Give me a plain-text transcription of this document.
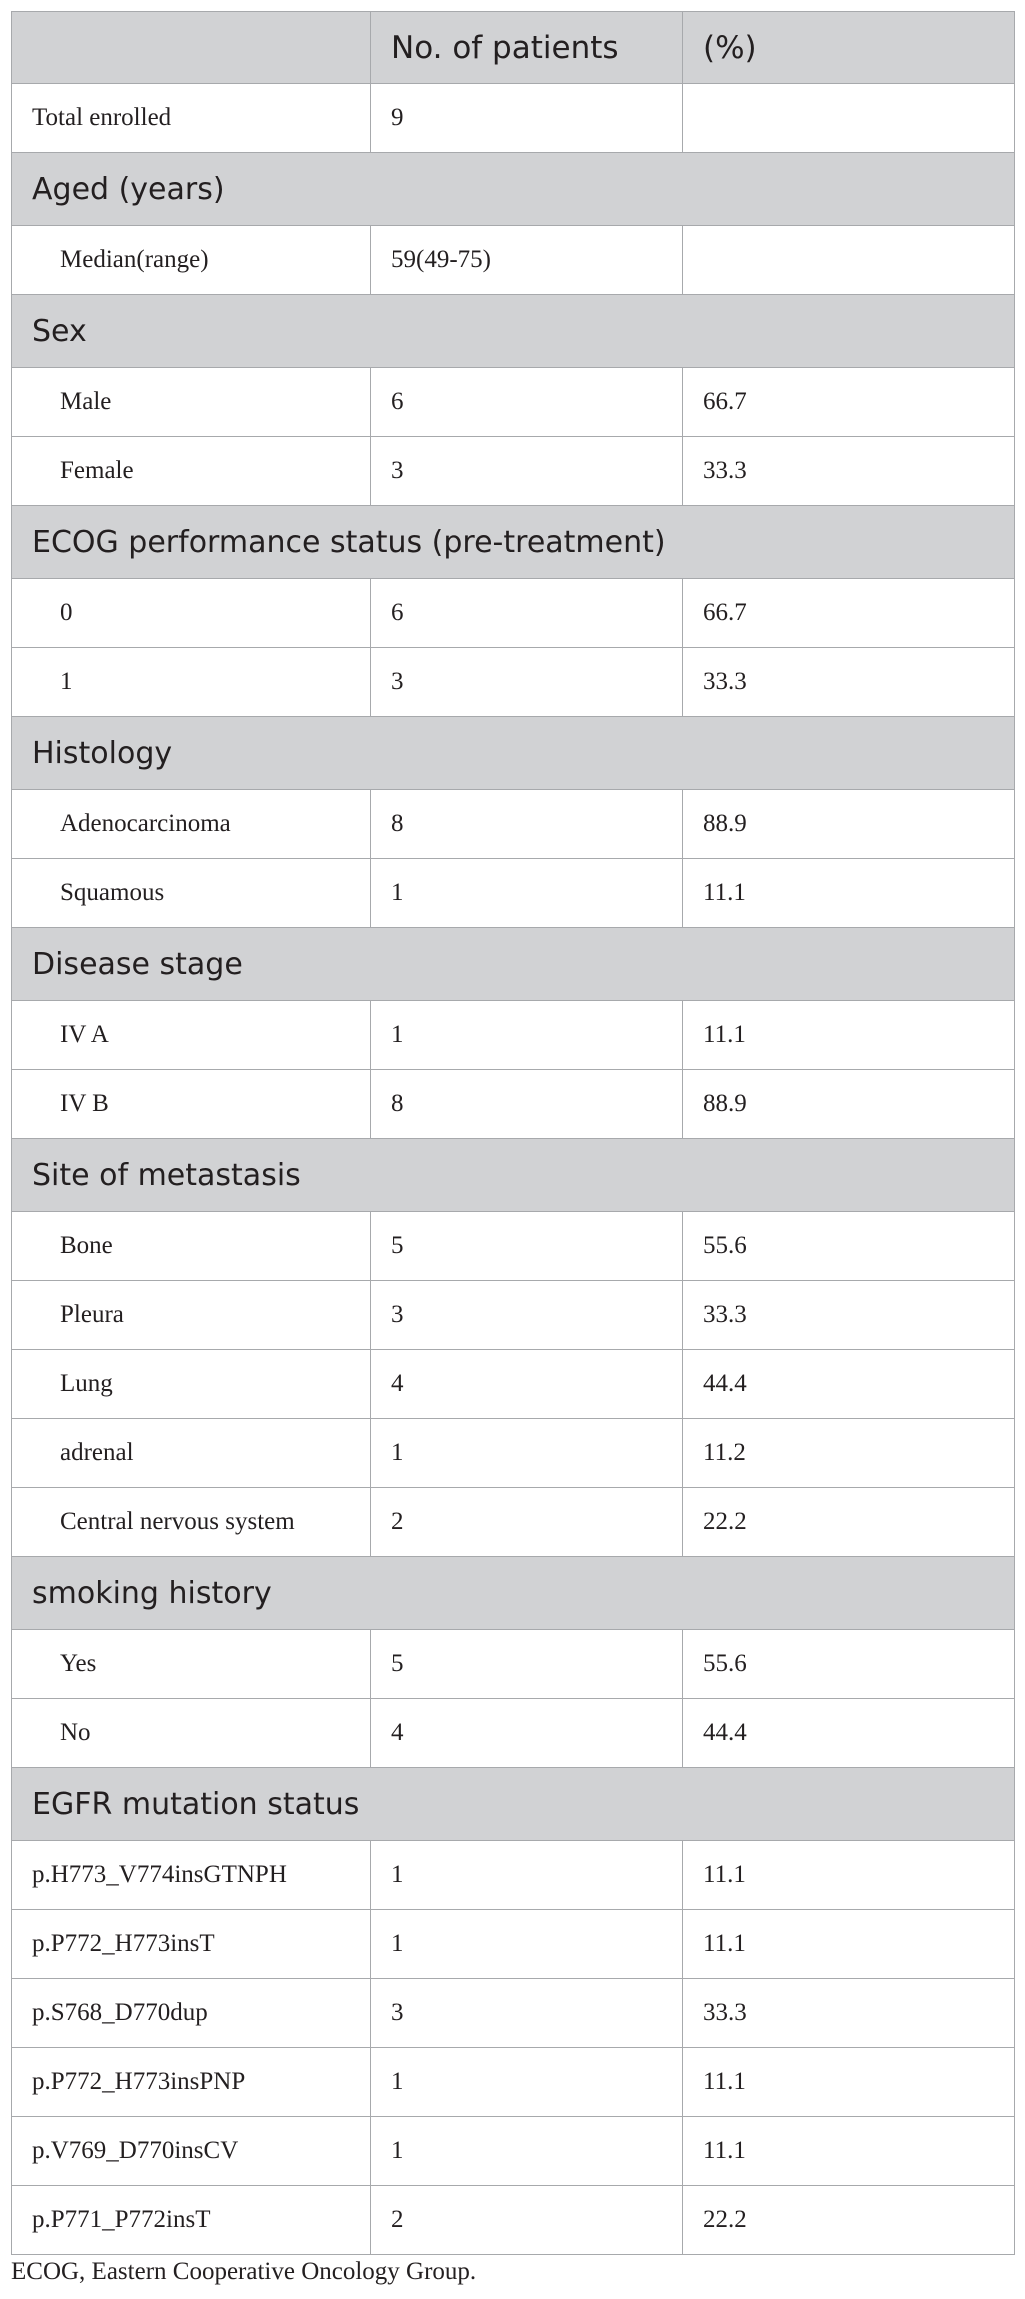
	No. of patients	(%)
Total enrolled	9	
Aged (years)		
Median(range)	59(49-75)	
Sex		
Male	6	66.7
Female	3	33.3
ECOG performance status (pre-treatment)		
0	6	66.7
1	3	33.3
Histology		
Adenocarcinoma	8	88.9
Squamous	1	11.1
Disease stage		
IV A	1	11.1
IV B	8	88.9
Site of metastasis		
Bone	5	55.6
Pleura	3	33.3
Lung	4	44.4
adrenal	1	11.2
Central nervous system	2	22.2
smoking history		
Yes	5	55.6
No	4	44.4
EGFR mutation status		
p.H773_V774insGTNPH	1	11.1
p.P772_H773insT	1	11.1
p.S768_D770dup	3	33.3
p.P772_H773insPNP	1	11.1
p.V769_D770insCV	1	11.1
p.P771_P772insT	2	22.2
ECOG, Eastern Cooperative Oncology Group.
